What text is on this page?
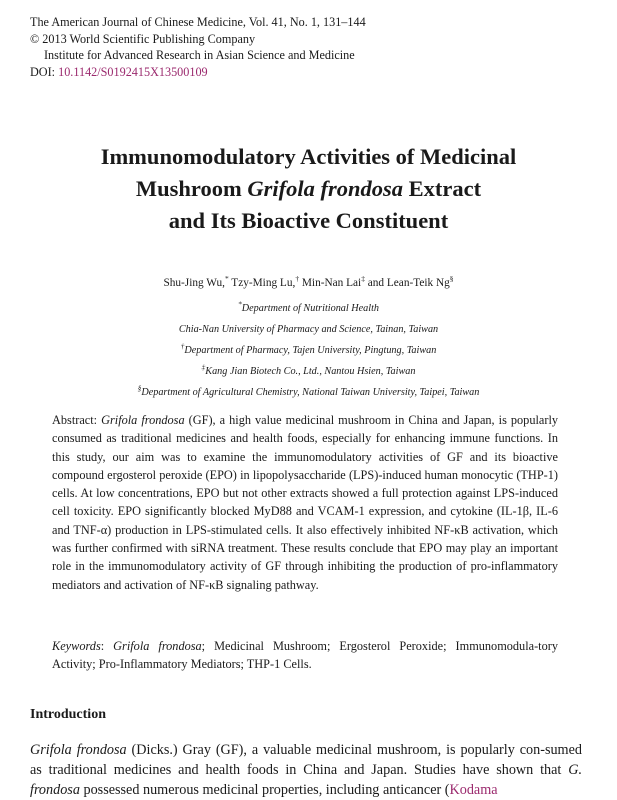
The American Journal of Chinese Medicine, Vol. 41, No. 1, 131–144
© 2013 World Scientific Publishing Company
Institute for Advanced Research in Asian Science and Medicine
DOI: 10.1142/S0192415X13500109
Immunomodulatory Activities of Medicinal
Mushroom Grifola frondosa Extract
and Its Bioactive Constituent
Shu-Jing Wu,* Tzy-Ming Lu,† Min-Nan Lai‡ and Lean-Teik Ng§
*Department of Nutritional Health
Chia-Nan University of Pharmacy and Science, Tainan, Taiwan
†Department of Pharmacy, Tajen University, Pingtung, Taiwan
‡Kang Jian Biotech Co., Ltd., Nantou Hsien, Taiwan
§Department of Agricultural Chemistry, National Taiwan University, Taipei, Taiwan
Abstract: Grifola frondosa (GF), a high value medicinal mushroom in China and Japan, is popularly consumed as traditional medicines and health foods, especially for enhancing immune functions. In this study, our aim was to examine the immunomodulatory activities of GF and its bioactive compound ergosterol peroxide (EPO) in lipopolysaccharide (LPS)-induced human monocytic (THP-1) cells. At low concentrations, EPO but not other extracts showed a full protection against LPS-induced cell toxicity. EPO significantly blocked MyD88 and VCAM-1 expression, and cytokine (IL-1β, IL-6 and TNF-α) production in LPS-stimulated cells. It also effectively inhibited NF-κB activation, which was further confirmed with siRNA treatment. These results conclude that EPO may play an important role in the immunomodulatory activity of GF through inhibiting the production of pro-inflammatory mediators and activation of NF-κB signaling pathway.
Keywords: Grifola frondosa; Medicinal Mushroom; Ergosterol Peroxide; Immunomodula-tory Activity; Pro-Inflammatory Mediators; THP-1 Cells.
Introduction
Grifola frondosa (Dicks.) Gray (GF), a valuable medicinal mushroom, is popularly con-sumed as traditional medicines and health foods in China and Japan. Studies have shown that G. frondosa possessed numerous medicinal properties, including anticancer (Kodama
